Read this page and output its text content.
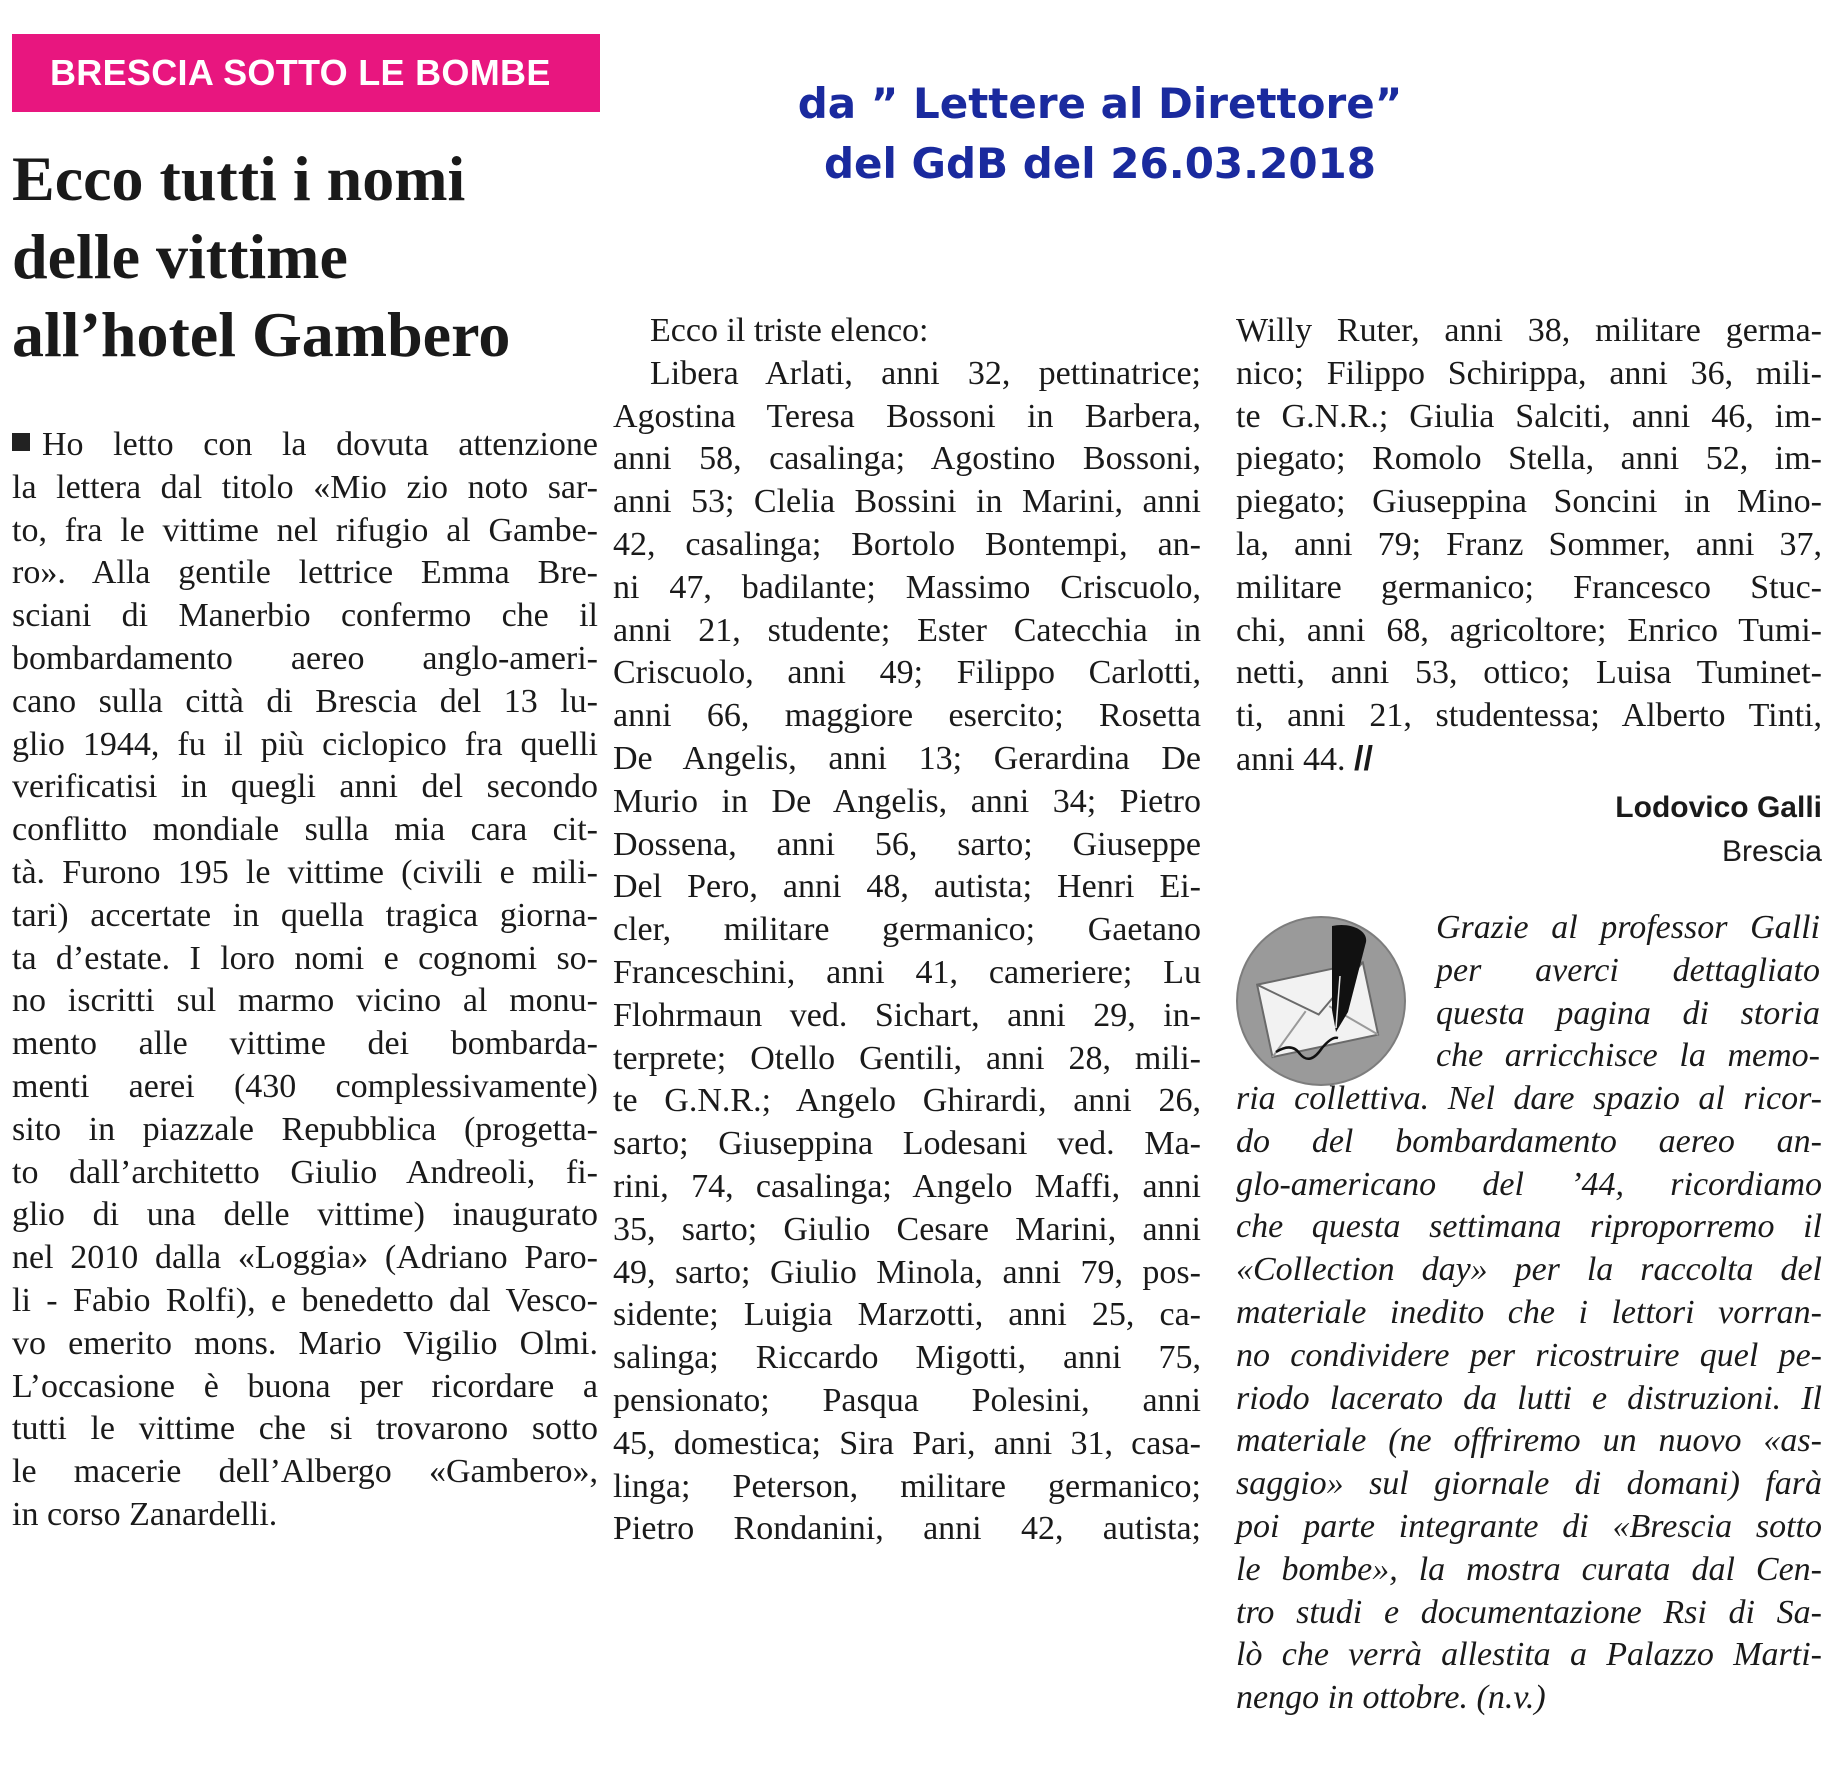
BRESCIA SOTTO LE BOMBE
da ” Lettere al Direttore”
del GdB del 26.03.2018
Ecco tutti i nomi
delle vittime
all’hotel Gambero
Ho letto con la dovuta attenzione
la lettera dal titolo «Mio zio noto sar-
to, fra le vittime nel rifugio al Gambe-
ro». Alla gentile lettrice Emma Bre-
sciani di Manerbio confermo che il
bombardamento aereo anglo-ameri-
cano sulla città di Brescia del 13 lu-
glio 1944, fu il più ciclopico fra quelli
verificatisi in quegli anni del secondo
conflitto mondiale sulla mia cara cit-
tà. Furono 195 le vittime (civili e mili-
tari) accertate in quella tragica giorna-
ta d’estate. I loro nomi e cognomi so-
no iscritti sul marmo vicino al monu-
mento alle vittime dei bombarda-
menti aerei (430 complessivamente)
sito in piazzale Repubblica (progetta-
to dall’architetto Giulio Andreoli, fi-
glio di una delle vittime) inaugurato
nel 2010 dalla «Loggia» (Adriano Paro-
li - Fabio Rolfi), e benedetto dal Vesco-
vo emerito mons. Mario Vigilio Olmi.
L’occasione è buona per ricordare a
tutti le vittime che si trovarono sotto
le macerie dell’Albergo «Gambero»,
in corso Zanardelli.
Ecco il triste elenco:
Libera Arlati, anni 32, pettinatrice;
Agostina Teresa Bossoni in Barbera,
anni 58, casalinga; Agostino Bossoni,
anni 53; Clelia Bossini in Marini, anni
42, casalinga; Bortolo Bontempi, an-
ni 47, badilante; Massimo Criscuolo,
anni 21, studente; Ester Catecchia in
Criscuolo, anni 49; Filippo Carlotti,
anni 66, maggiore esercito; Rosetta
De Angelis, anni 13; Gerardina De
Murio in De Angelis, anni 34; Pietro
Dossena, anni 56, sarto; Giuseppe
Del Pero, anni 48, autista; Henri Ei-
cler, militare germanico; Gaetano
Franceschini, anni 41, cameriere; Lu
Flohrmaun ved. Sichart, anni 29, in-
terprete; Otello Gentili, anni 28, mili-
te G.N.R.; Angelo Ghirardi, anni 26,
sarto; Giuseppina Lodesani ved. Ma-
rini, 74, casalinga; Angelo Maffi, anni
35, sarto; Giulio Cesare Marini, anni
49, sarto; Giulio Minola, anni 79, pos-
sidente; Luigia Marzotti, anni 25, ca-
salinga; Riccardo Migotti, anni 75,
pensionato; Pasqua Polesini, anni
45, domestica; Sira Pari, anni 31, casa-
linga; Peterson, militare germanico;
Pietro Rondanini, anni 42, autista;
Willy Ruter, anni 38, militare germa-
nico; Filippo Schirippa, anni 36, mili-
te G.N.R.; Giulia Salciti, anni 46, im-
piegato; Romolo Stella, anni 52, im-
piegato; Giuseppina Soncini in Mino-
la, anni 79; Franz Sommer, anni 37,
militare germanico; Francesco Stuc-
chi, anni 68, agricoltore; Enrico Tumi-
netti, anni 53, ottico; Luisa Tuminet-
ti, anni 21, studentessa; Alberto Tinti,
anni 44. //
Lodovico Galli
Brescia
Grazie al professor Galli
per averci dettagliato
questa pagina di storia
che arricchisce la memo-
ria collettiva. Nel dare spazio al ricor-
do del bombardamento aereo an-
glo-americano del ’44, ricordiamo
che questa settimana riproporremo il
«Collection day» per la raccolta del
materiale inedito che i lettori vorran-
no condividere per ricostruire quel pe-
riodo lacerato da lutti e distruzioni. Il
materiale (ne offriremo un nuovo «as-
saggio» sul giornale di domani) farà
poi parte integrante di «Brescia sotto
le bombe», la mostra curata dal Cen-
tro studi e documentazione Rsi di Sa-
lò che verrà allestita a Palazzo Marti-
nengo in ottobre. (n.v.)
